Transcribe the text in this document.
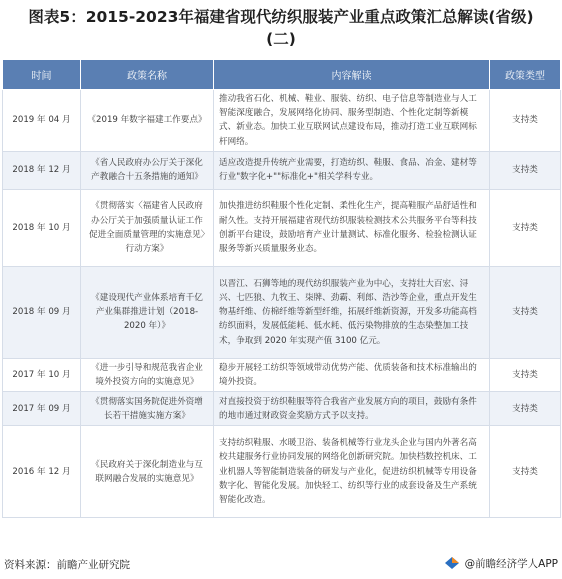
图表5：2015-2023年福建省现代纺织服装产业重点政策汇总解读(省级)
(二)
时间	政策名称	内容解读	政策类型
2019 年 04 月	《2019 年数字福建工作要点》	推动我省石化、机械、鞋业、服装、纺织、电子信息等制造业与人工智能深度融合，发展网络化协同、服务型制造、个性化定制等新模式、新业态。加快工业互联网试点建设布局，推动打造工业互联网标杆网络。	支持类
2018 年 12 月	《省人民政府办公厅关于深化产教融合十五条措施的通知》	适应改造提升传统产业需要，打造纺织、鞋服、食品、冶金、建材等行业"数字化+""标准化+"相关学科专业。	支持类
2018 年 10 月	《贯彻落实〈福建省人民政府办公厅关于加强质量认证工作促进全面质量管理的实施意见〉行动方案》	加快推进纺织鞋服个性化定制、柔性化生产，提高鞋服产品舒适性和耐久性。支持开展福建省现代纺织服装检测技术公共服务平台等科技创新平台建设，鼓励培育产业计量测试、标准化服务、检验检测认证服务等新兴质量服务业态。	支持类
2018 年 09 月	《建设现代产业体系培育千亿产业集群推进计划（2018-2020 年）》	以晋江、石狮等地的现代纺织服装产业为中心，支持壮大百宏、浔兴、七匹狼、九牧王、柒牌、劲霸、利郎、浩沙等企业，重点开发生物基纤维、仿棉纤维等新型纤维，拓展纤维新资源，开发多功能高档纺织面料，发展低能耗、低水耗、低污染物排放的生态染整加工技术，争取到 2020 年实现产值 3100 亿元。	支持类
2017 年 10 月	《进一步引导和规范我省企业境外投资方向的实施意见》	稳步开展轻工纺织等领域带动优势产能、优质装备和技术标准输出的境外投资。	支持类
2017 年 09 月	《贯彻落实国务院促进外资增长若干措施实施方案》	对直接投资于纺织鞋服等符合我省产业发展方向的项目，鼓励有条件的地市通过财政资金奖励方式予以支持。	支持类
2016 年 12 月	《民政府关于深化制造业与互联网融合发展的实施意见》	支持纺织鞋服、水暖卫浴、装备机械等行业龙头企业与国内外著名高校共建服务行业协同发展的网络化创新研究院。加快档数控机床、工业机器人等智能制造装备的研发与产业化，促进纺织机械等专用设备数字化、智能化发展。加快轻工、纺织等行业的成套设备及生产系统智能化改造。	支持类
资料来源：前瞻产业研究院	@前瞻经济学人APP
